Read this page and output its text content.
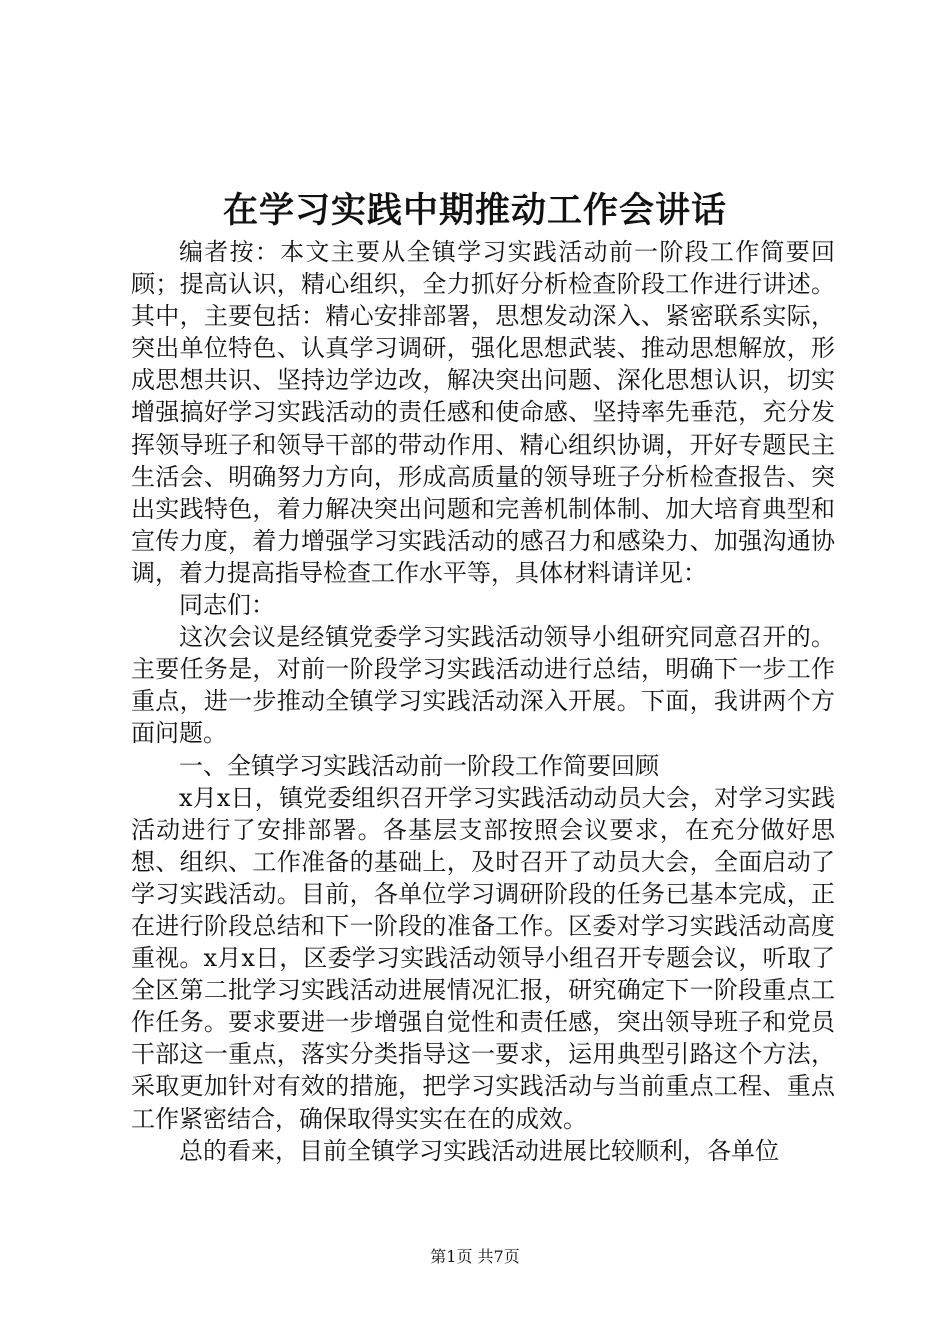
在学习实践中期推动工作会讲话

编者按：本文主要从全镇学习实践活动前一阶段工作简要回顾；提高认识，精心组织，全力抓好分析检查阶段工作进行讲述。其中，主要包括：精心安排部署，思想发动深入、紧密联系实际，突出单位特色、认真学习调研，强化思想武装、推动思想解放，形成思想共识、坚持边学边改，解决突出问题、深化思想认识，切实增强搞好学习实践活动的责任感和使命感、坚持率先垂范，充分发挥领导班子和领导干部的带动作用、精心组织协调，开好专题民主生活会、明确努力方向，形成高质量的领导班子分析检查报告、突出实践特色，着力解决突出问题和完善机制体制、加大培育典型和宣传力度，着力增强学习实践活动的感召力和感染力、加强沟通协调，着力提高指导检查工作水平等，具体材料请详见：

同志们：

这次会议是经镇党委学习实践活动领导小组研究同意召开的。主要任务是，对前一阶段学习实践活动进行总结，明确下一步工作重点，进一步推动全镇学习实践活动深入开展。下面，我讲两个方面问题。

一、全镇学习实践活动前一阶段工作简要回顾

x月x日，镇党委组织召开学习实践活动动员大会，对学习实践活动进行了安排部署。各基层支部按照会议要求，在充分做好思想、组织、工作准备的基础上，及时召开了动员大会，全面启动了学习实践活动。目前，各单位学习调研阶段的任务已基本完成，正在进行阶段总结和下一阶段的准备工作。区委对学习实践活动高度重视。x月x日，区委学习实践活动领导小组召开专题会议，听取了全区第二批学习实践活动进展情况汇报，研究确定下一阶段重点工作任务。要求要进一步增强自觉性和责任感，突出领导班子和党员干部这一重点，落实分类指导这一要求，运用典型引路这个方法，采取更加针对有效的措施，把学习实践活动与当前重点工程、重点工作紧密结合，确保取得实实在在的成效。

总的看来，目前全镇学习实践活动进展比较顺利，各单位

第1页 共7页
